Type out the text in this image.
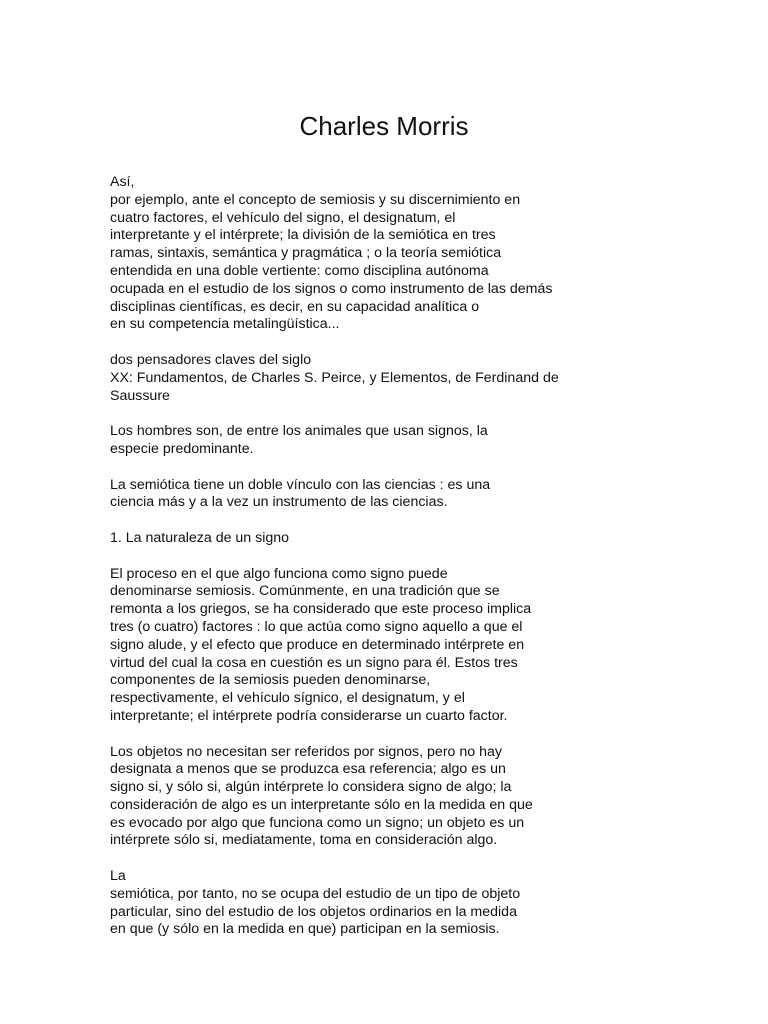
Charles Morris
Así,
por ejemplo, ante el concepto de semiosis y su discernimiento en
cuatro factores, el vehículo del signo, el designatum, el
interpretante y el intérprete; la división de la semiótica en tres
ramas, sintaxis, semántica y pragmática ; o la teoría semiótica
entendida en una doble vertiente: como disciplina autónoma
ocupada en el estudio de los signos o como instrumento de las demás
disciplinas científicas, es decir, en su capacidad analítica o
en su competencia metalingüística...
dos pensadores claves del siglo
XX: Fundamentos, de Charles S. Peirce, y Elementos, de Ferdinand de
Saussure
Los hombres son, de entre los animales que usan signos, la
especie predominante.
La semiótica tiene un doble vínculo con las ciencias : es una
ciencia más y a la vez un instrumento de las ciencias.
1. La naturaleza de un signo
El proceso en el que algo funciona como signo puede
denominarse semiosis. Comúnmente, en una tradición que se
remonta a los griegos, se ha considerado que este proceso implica
tres (o cuatro) factores : lo que actúa como signo aquello a que el
signo alude, y el efecto que produce en determinado intérprete en
virtud del cual la cosa en cuestión es un signo para él. Estos tres
componentes de la semiosis pueden denominarse,
respectivamente, el vehículo sígnico, el designatum, y el
interpretante; el intérprete podría considerarse un cuarto factor.
Los objetos no necesitan ser referidos por signos, pero no hay
designata a menos que se produzca esa referencia; algo es un
signo si, y sólo si, algún intérprete lo considera signo de algo; la
consideración de algo es un interpretante sólo en la medida en que
es evocado por algo que funciona como un signo; un objeto es un
intérprete sólo si, mediatamente, toma en consideración algo.
La
semiótica, por tanto, no se ocupa del estudio de un tipo de objeto
particular, sino del estudio de los objetos ordinarios en la medida
en que (y sólo en la medida en que) participan en la semiosis.
